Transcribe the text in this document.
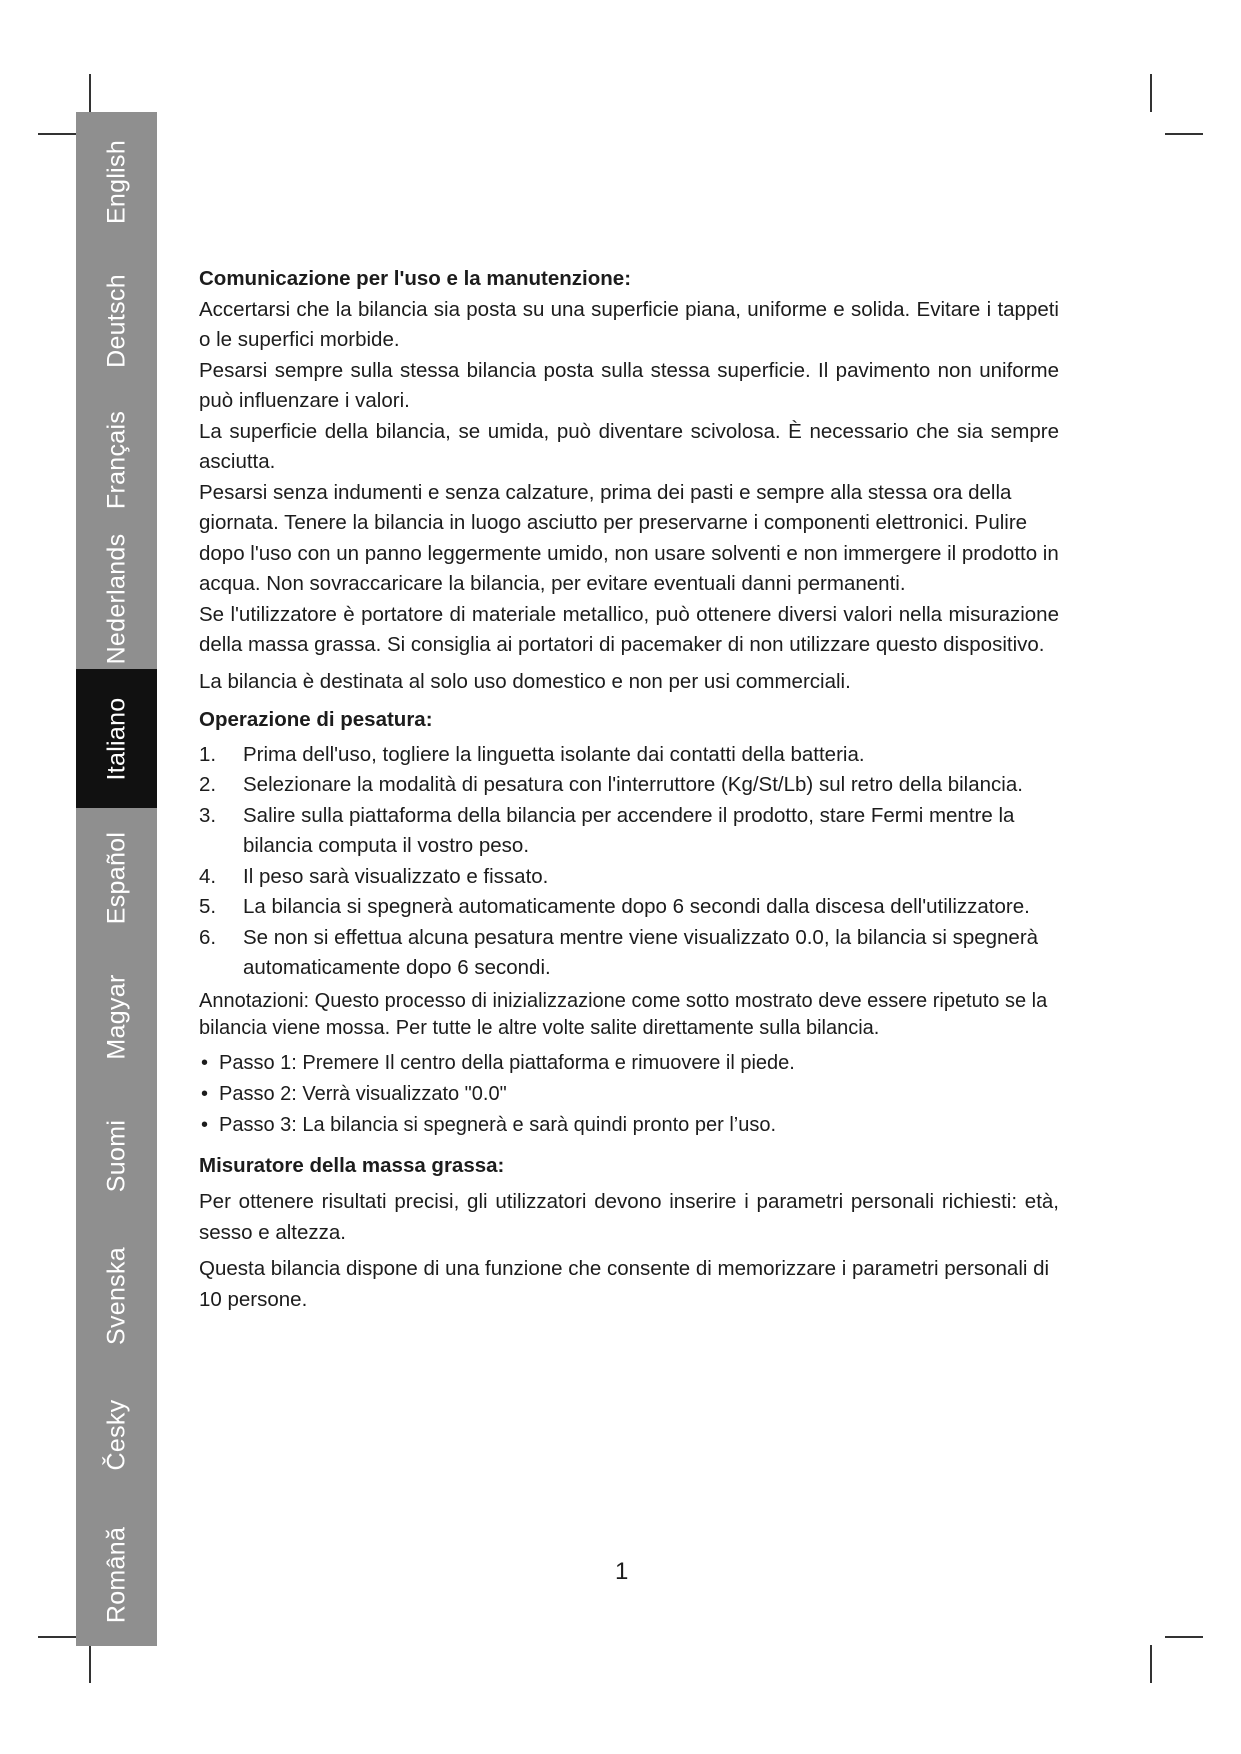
English
Deutsch
Français
Nederlands
Italiano
Español
Magyar
Suomi
Svenska
Česky
Română

Comunicazione per l'uso e la manutenzione:

Accertarsi che la bilancia sia posta su una superficie piana, uniforme e solida. Evitare i tappeti o le superfici morbide.

Pesarsi sempre sulla stessa bilancia posta sulla stessa superficie. Il pavimento non uniforme può influenzare i valori.

La superficie della bilancia, se umida, può diventare scivolosa. È necessario che sia sempre asciutta.

Pesarsi senza indumenti e senza calzature, prima dei pasti e sempre alla stessa ora della giornata. Tenere la bilancia in luogo asciutto per preservarne i componenti elettronici. Pulire dopo l'uso con un panno leggermente umido, non usare solventi e non immergere il prodotto in acqua. Non sovraccaricare la bilancia, per evitare eventuali danni permanenti.

Se l'utilizzatore è portatore di materiale metallico, può ottenere diversi valori nella misurazione della massa grassa. Si consiglia ai portatori di pacemaker di non utilizzare questo dispositivo.

La bilancia è destinata al solo uso domestico e non per usi commerciali.

Operazione di pesatura:

1. Prima dell'uso, togliere la linguetta isolante dai contatti della batteria.
2. Selezionare la modalità di pesatura con l'interruttore (Kg/St/Lb) sul retro della bilancia.
3. Salire sulla piattaforma della bilancia per accendere il prodotto, stare Fermi mentre la bilancia computa il vostro peso.
4. Il peso sarà visualizzato e fissato.
5. La bilancia si spegnerà automaticamente dopo 6 secondi dalla discesa dell'utilizzatore.
6. Se non si effettua alcuna pesatura mentre viene visualizzato 0.0, la bilancia si spegnerà automaticamente dopo 6 secondi.

Annotazioni: Questo processo di inizializzazione come sotto mostrato deve essere ripetuto se la bilancia viene mossa. Per tutte le altre volte salite direttamente sulla bilancia.

• Passo 1: Premere Il centro della piattaforma e rimuovere il piede.
• Passo 2: Verrà visualizzato "0.0"
• Passo 3: La bilancia si spegnerà e sarà quindi pronto per l’uso.

Misuratore della massa grassa:

Per ottenere risultati precisi, gli utilizzatori devono inserire i parametri personali richiesti: età, sesso e altezza.

Questa bilancia dispone di una funzione che consente di memorizzare i parametri personali di 10 persone.

1
